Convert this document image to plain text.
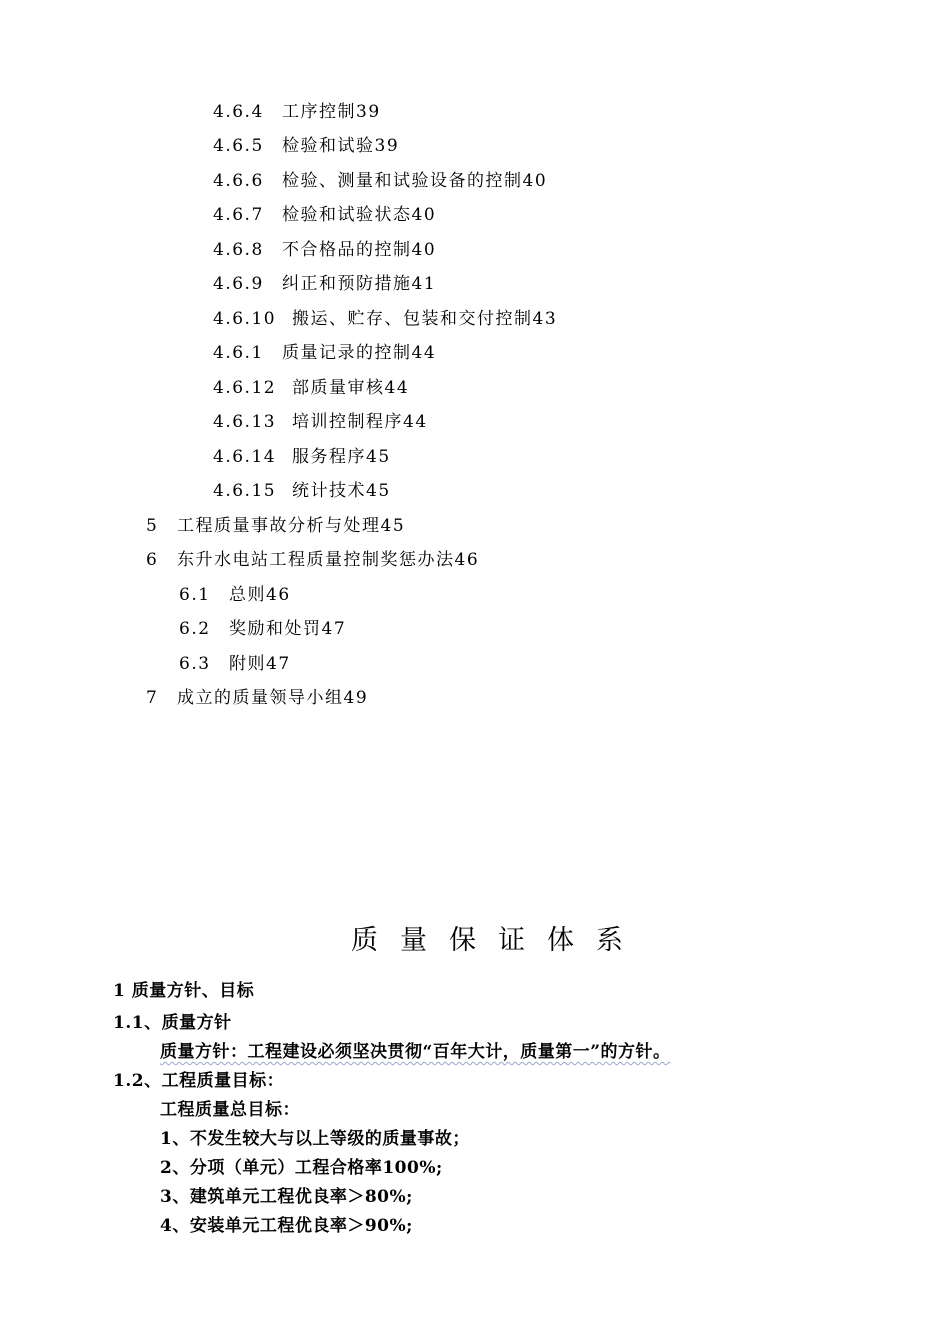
4.6.4 工序控制39
4.6.5 检验和试验39
4.6.6 检验、测量和试验设备的控制40
4.6.7 检验和试验状态40
4.6.8 不合格品的控制40
4.6.9 纠正和预防措施41
4.6.10 搬运、贮存、包装和交付控制43
4.6.1 质量记录的控制44
4.6.12 部质量审核44
4.6.13 培训控制程序44
4.6.14 服务程序45
4.6.15 统计技术45
5 工程质量事故分析与处理45
6 东升水电站工程质量控制奖惩办法46
6.1 总则46
6.2 奖励和处罚47
6.3 附则47
7 成立的质量领导小组49
质量保证体系
1 质量方针、目标
1.1、质量方针
质量方针：工程建设必须坚决贯彻“百年大计，质量第一”的方针。
1.2、工程质量目标：
工程质量总目标：
1、不发生较大与以上等级的质量事故；
2、分项（单元）工程合格率100%;
3、建筑单元工程优良率＞80%;
4、安装单元工程优良率＞90%;
